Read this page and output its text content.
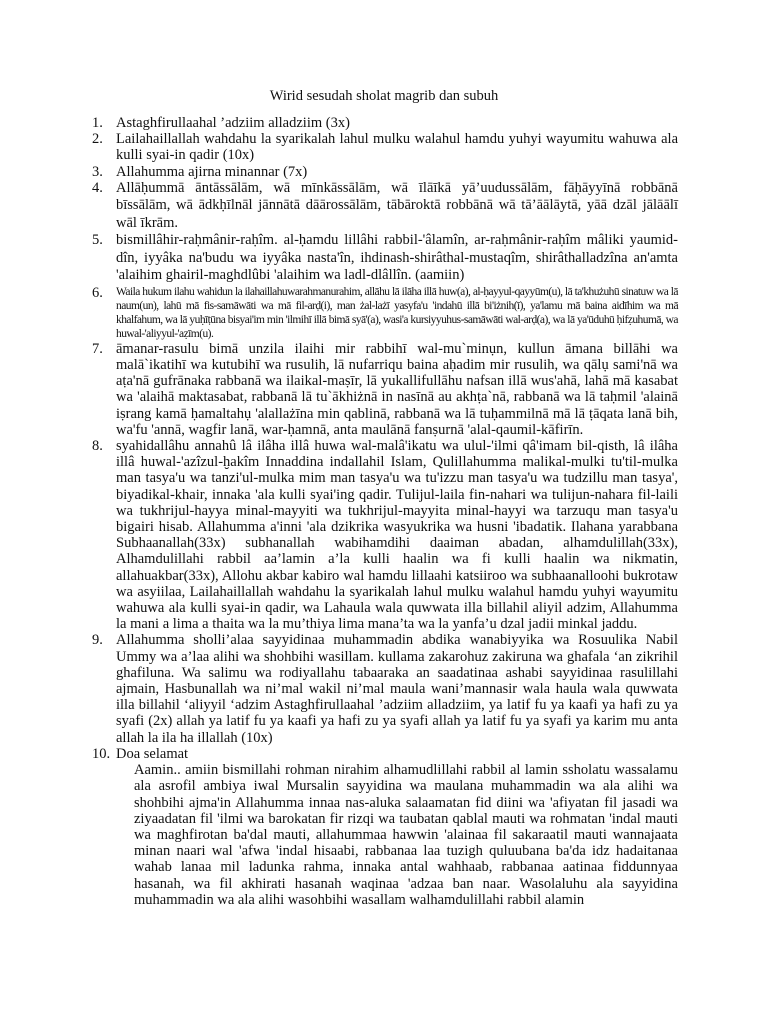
Wirid sesudah sholat magrib dan subuh
1. Astaghfirullaahal ’adziim alladziim (3x)
2. Lailahaillallah wahdahu la syarikalah lahul mulku walahul hamdu yuhyi wayumitu wahuwa ala kulli syai-in qadir (10x)
3. Allahumma ajirna minannar (7x)
4. Allāḥummā āntāssālām, wā mīnkāssālām, wā īlāīkā yā’uudussālām, fāḥāyyīnā robbānā bīssālām, wā ādkḥīlnāl jānnātā dāārossālām, tābāroktā robbānā wā tā’āālāytā, yāā dzāl jālāālī wāl īkrām.
5. bismillâhir-raḥmânir-raḥîm. al-ḥamdu lillâhi rabbil-'âlamîn, ar-raḥmânir-raḥîm mâliki yaumid-dîn, iyyâka na'budu wa iyyâka nasta'în, ihdinash-shirâthal-mustaqîm, shirâthalladzîna an'amta 'alaihim ghairil-maghdlûbi 'alaihim wa ladl-dlâllîn. (aamiin)
6. Waila hukum ilahu wahidun la ilahaillahuwarahmanurahim, allāhu lā ilāha illā huw(a), al-ḥayyul-qayyūm(u), lā ta'khużuhū sinatuw wa lā naum(un), lahū mā fis-samāwāti wa mā fil-arḍ(i), man żal-lażī yasyfa'u 'indahū illā bi'iżnih(ī), ya'lamu mā baina aidīhim wa mā khalfahum, wa lā yuḥīṭūna bisyai'im min 'ilmihī illā bimā syā'(a), wasi'a kursiyyuhus-samāwāti wal-arḍ(a), wa lā ya'ūduhū ḥifẓuhumā, wa huwal-'aliyyul-'aẓīm(u).
7. āmanar-rasulu bimā unzila ilaihi mir rabbihī wal-mu`minụn, kullun āmana billāhi wa malā`ikatihī wa kutubihī wa rusulih, lā nufarriqu baina aḥadim mir rusulih, wa qālụ sami'nā wa aṭa'nā gufrānaka rabbanā wa ilaikal-maṣīr, lā yukallifullāhu nafsan illā wus'ahā, lahā mā kasabat wa 'alaihā maktasabat, rabbanā lā tu`ākhiżnā in nasīnā au akhṭa`nā, rabbanā wa lā taḥmil 'alainā iṣrang kamā ḥamaltahụ 'alallażīna min qablinā, rabbanā wa lā tuḥammilnā mā lā ṭāqata lanā bih, wa'fu 'annā, wagfir lanā, war-ḥamnā, anta maulānā fanṣurnā 'alal-qaumil-kāfirīn.
8. syahidallâhu annahû lâ ilâha illâ huwa wal-malâ'ikatu wa ulul-'ilmi qâ'imam bil-qisth, lâ ilâha illâ huwal-'azîzul-ḫakîm Innaddina indallahil Islam, Qulillahumma malikal-mulki tu'til-mulka man tasya'u wa tanzi'ul-mulka mim man tasya'u wa tu'izzu man tasya'u wa tudzillu man tasya', biyadikal-khair, innaka 'ala kulli syai'ing qadir. Tulijul-laila fin-nahari wa tulijun-nahara fil-laili wa tukhrijul-hayya minal-mayyiti wa tukhrijul-mayyita minal-hayyi wa tarzuqu man tasya'u bigairi hisab. Allahumma a'inni 'ala dzikrika wasyukrika wa husni 'ibadatik. Ilahana yarabbana Subhaanallah(33x) subhanallah wabihamdihi daaiman abadan, alhamdulillah(33x), Alhamdulillahi rabbil aa’lamin a’la kulli haalin wa fi kulli haalin wa nikmatin, allahuakbar(33x), Allohu akbar kabiro wal hamdu lillaahi katsiiroo wa subhaanalloohi bukrotaw wa asyiilaa, Lailahaillallah wahdahu la syarikalah lahul mulku walahul hamdu yuhyi wayumitu wahuwa ala kulli syai-in qadir, wa Lahaula wala quwwata illa billahil aliyil adzim, Allahumma la mani a lima a thaita wa la mu’thiya lima mana’ta wa la yanfa’u dzal jadii minkal jaddu.
9. Allahumma sholli’alaa sayyidinaa muhammadin abdika wanabiyyika wa Rosuulika Nabil Ummy wa a’laa alihi wa shohbihi wasillam. kullama zakarohuz zakiruna wa ghafala ‘an zikrihil ghafiluna. Wa salimu wa rodiyallahu tabaaraka an saadatinaa ashabi sayyidinaa rasulillahi ajmain, Hasbunallah wa ni’mal wakil ni’mal maula wani’mannasir wala haula wala quwwata illa billahil ‘aliyyil ‘adzim Astaghfirullaahal ’adziim alladziim, ya latif fu ya kaafi ya hafi zu ya syafi (2x) allah ya latif fu ya kaafi ya hafi zu ya syafi allah ya latif fu ya syafi ya karim mu anta allah la ila ha illallah (10x)
10. Doa selamat
Aamin.. amiin bismillahi rohman nirahim alhamudlillahi rabbil al lamin ssholatu wassalamu ala asrofil ambiya iwal Mursalin sayyidina wa maulana muhammadin wa ala alihi wa shohbihi ajma'in Allahumma innaa nas-aluka salaamatan fid diini wa 'afiyatan fil jasadi wa ziyaadatan fil 'ilmi wa barokatan fir rizqi wa taubatan qablal mauti wa rohmatan 'indal mauti wa maghfirotan ba'dal mauti, allahummaa hawwin 'alainaa fil sakaraatil mauti wannajaata minan naari wal 'afwa 'indal hisaabi, rabbanaa laa tuzigh quluubana ba'da idz hadaitanaa wahab lanaa mil ladunka rahma, innaka antal wahhaab, rabbanaa aatinaa fiddunnyaa hasanah, wa fil akhirati hasanah waqinaa 'adzaa ban naar. Wasolaluhu ala sayyidina muhammadin wa ala alihi wasohbihi wasallam walhamdulillahi rabbil alamin
